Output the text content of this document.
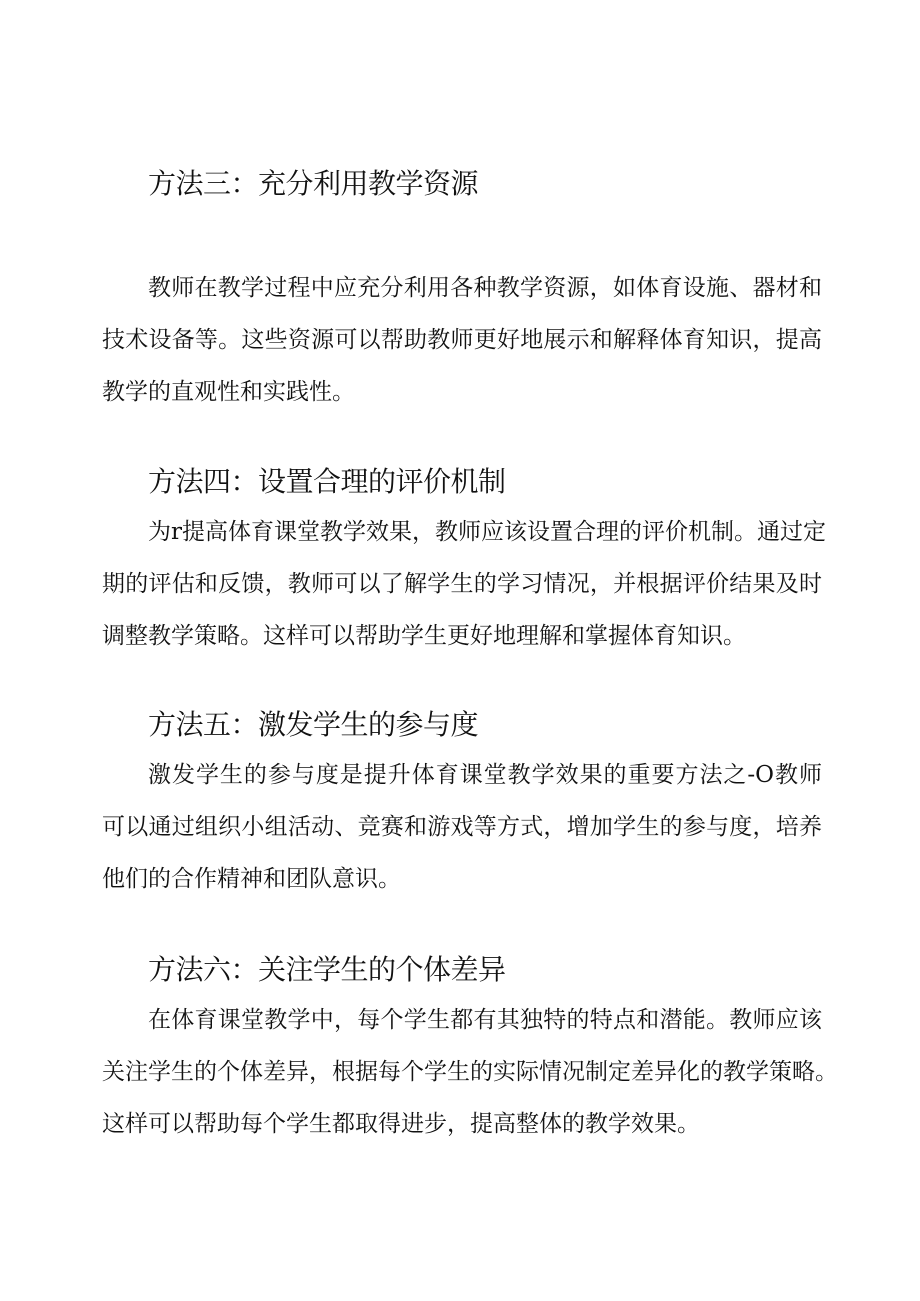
方法三：充分利用教学资源

教师在教学过程中应充分利用各种教学资源，如体育设施、器材和
技术设备等。这些资源可以帮助教师更好地展示和解释体育知识，提高
教学的直观性和实践性。

方法四：设置合理的评价机制

为r提高体育课堂教学效果，教师应该设置合理的评价机制。通过定
期的评估和反馈，教师可以了解学生的学习情况，并根据评价结果及时
调整教学策略。这样可以帮助学生更好地理解和掌握体育知识。

方法五：激发学生的参与度

激发学生的参与度是提升体育课堂教学效果的重要方法之-O教师
可以通过组织小组活动、竞赛和游戏等方式，增加学生的参与度，培养
他们的合作精神和团队意识。

方法六：关注学生的个体差异

在体育课堂教学中，每个学生都有其独特的特点和潜能。教师应该
关注学生的个体差异，根据每个学生的实际情况制定差异化的教学策略。
这样可以帮助每个学生都取得进步，提高整体的教学效果。
